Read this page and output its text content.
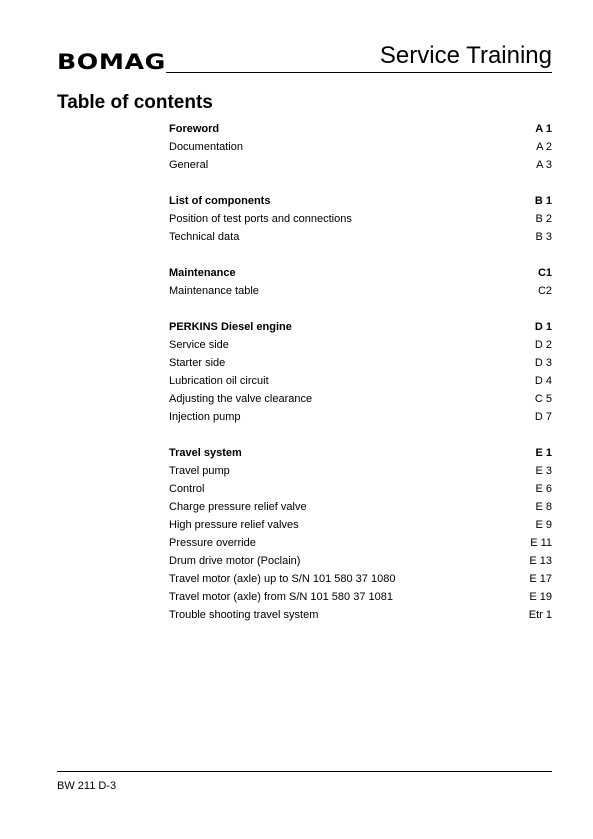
BOMAG	Service Training
Table of contents
Foreword	A 1
Documentation	A 2
General	A 3
List of components	B 1
Position of test ports and connections	B 2
Technical data	B 3
Maintenance	C1
Maintenance table	C2
PERKINS Diesel engine	D 1
Service side	D 2
Starter side	D 3
Lubrication oil circuit	D 4
Adjusting the valve clearance	C 5
Injection pump	D 7
Travel system	E 1
Travel pump	E 3
Control	E 6
Charge pressure relief valve	E 8
High pressure relief valves	E 9
Pressure override	E 11
Drum drive motor (Poclain)	E 13
Travel motor (axle) up to S/N 101 580 37 1080	E 17
Travel motor (axle) from S/N 101 580 37 1081	E 19
Trouble shooting travel system	Etr 1
BW 211 D-3
